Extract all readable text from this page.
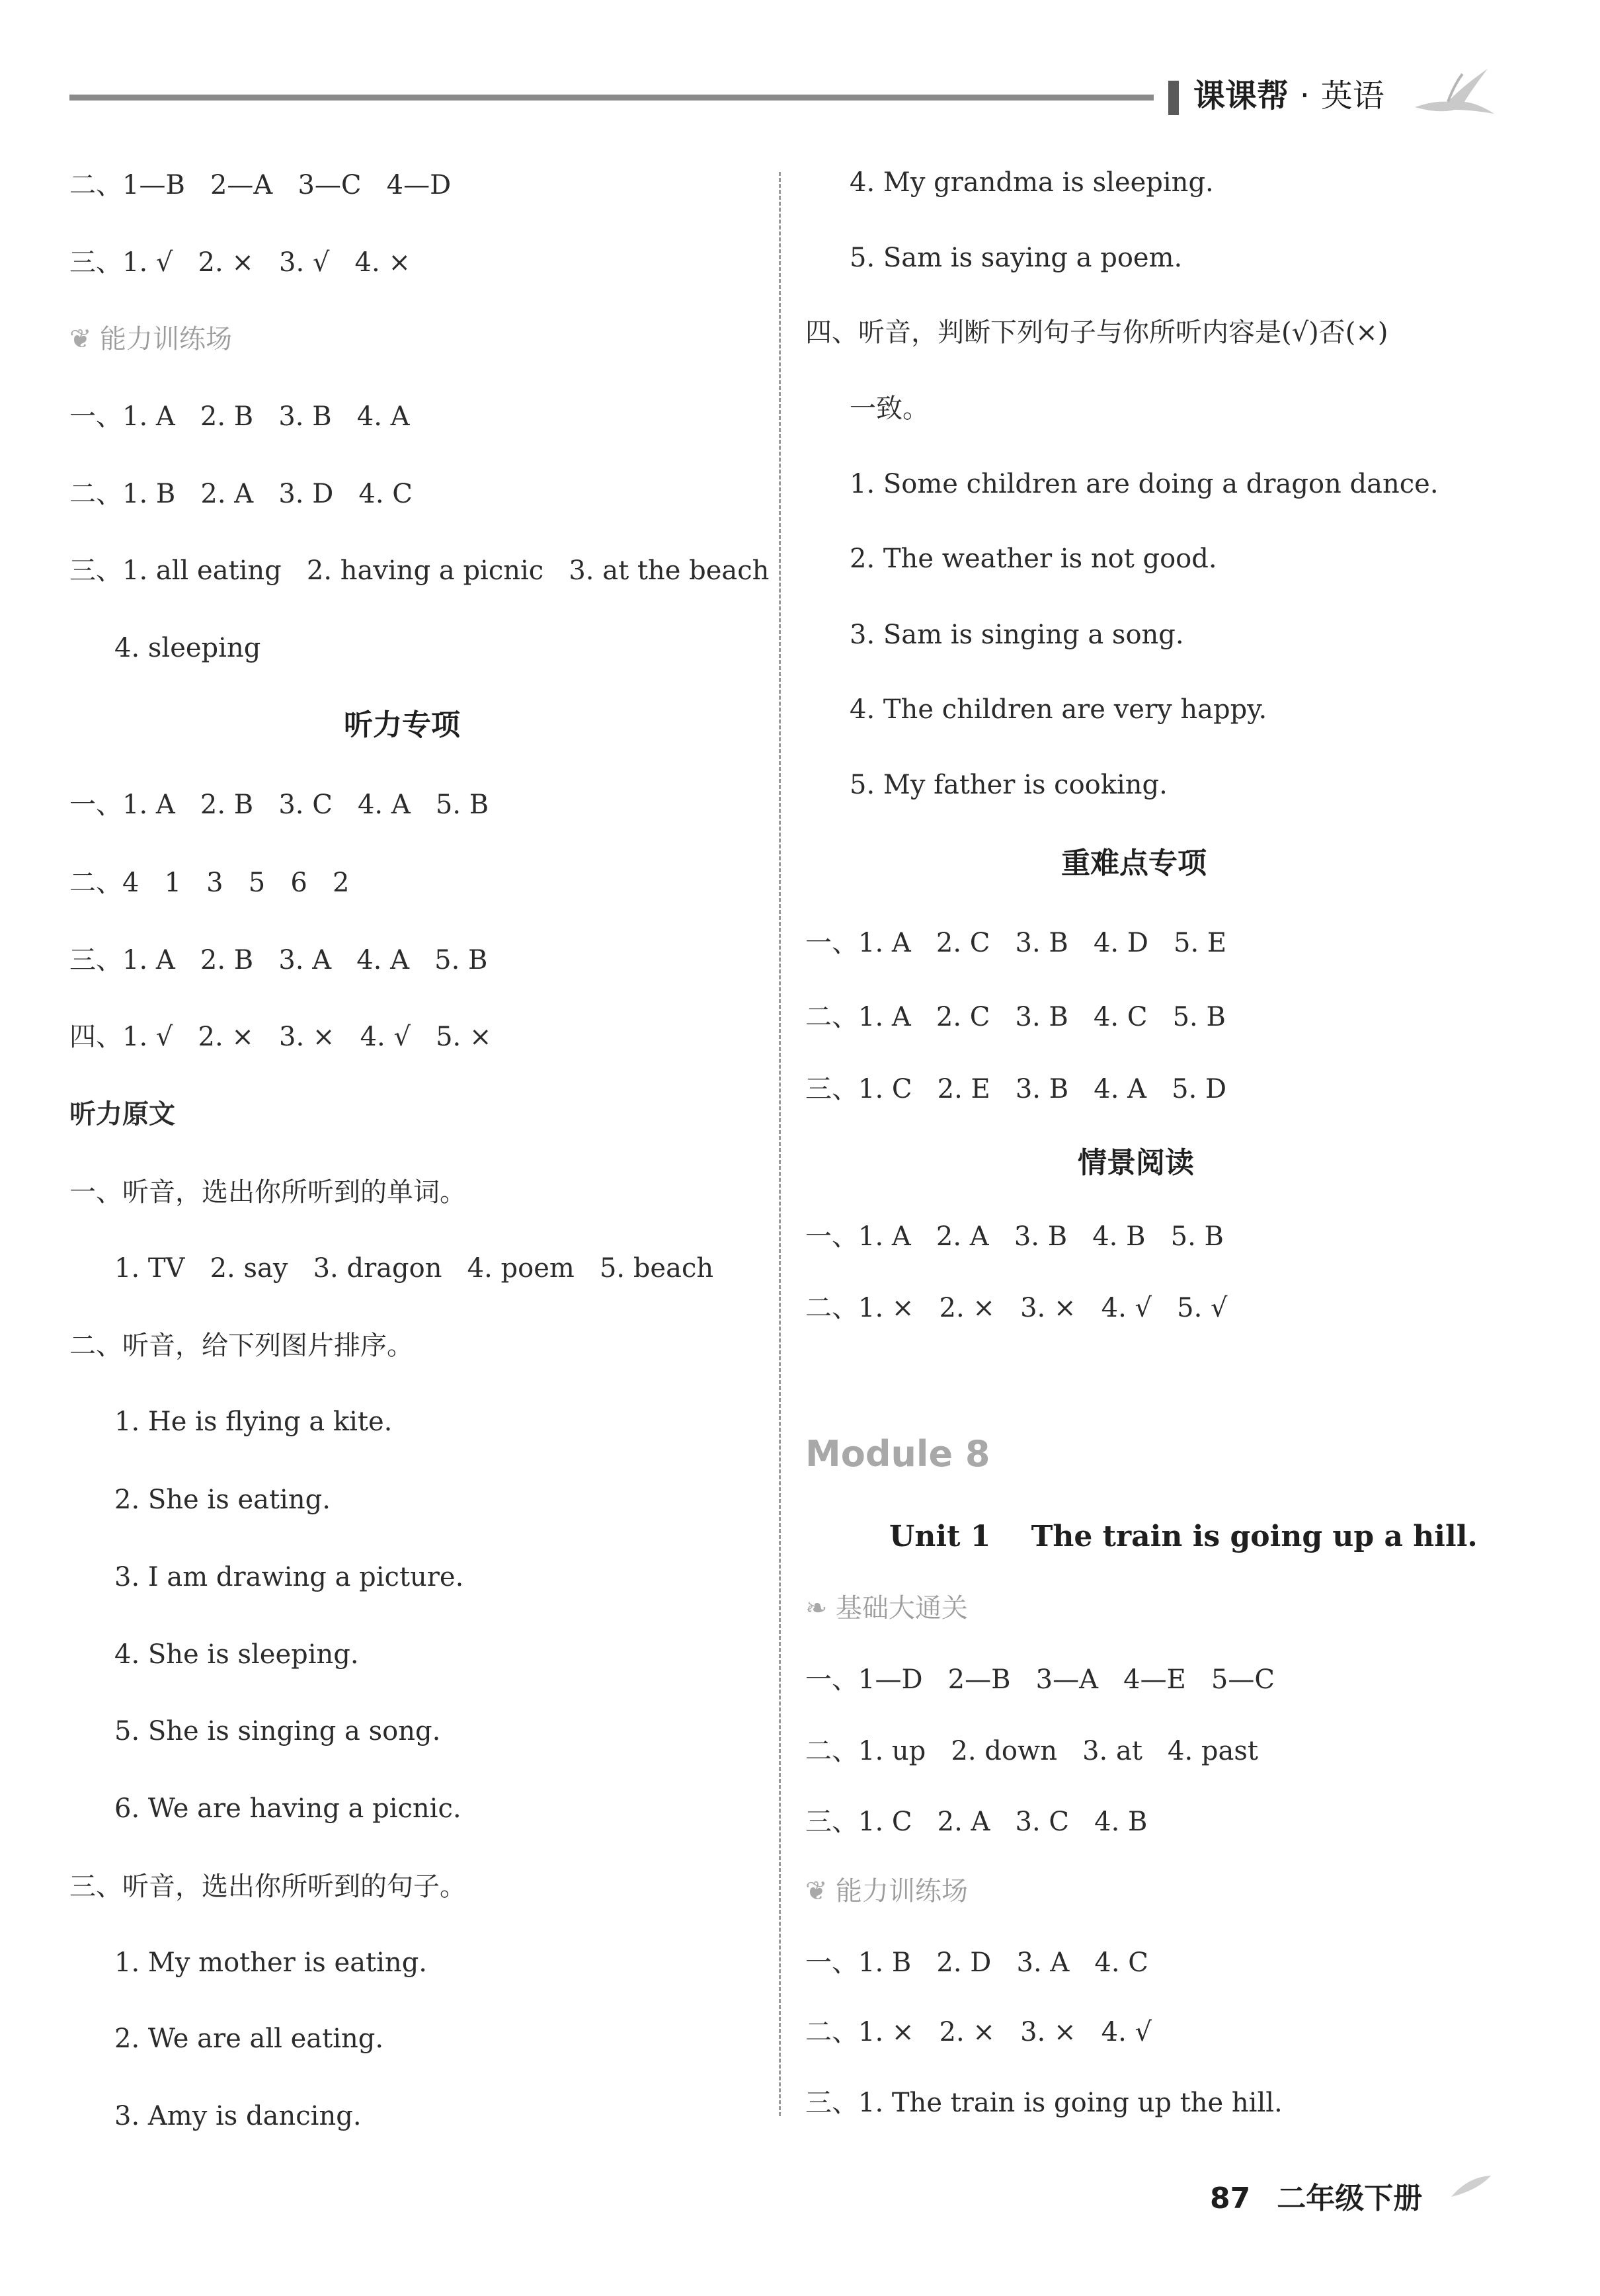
课课帮 · 英语
二、1—B   2—A   3—C   4—D
三、1. √   2. ×   3. √   4. ×
❦ 能力训练场
一、1. A   2. B   3. B   4. A
二、1. B   2. A   3. D   4. C
三、1. all eating   2. having a picnic   3. at the beach
4. sleeping
听力专项
一、1. A   2. B   3. C   4. A   5. B
二、4   1   3   5   6   2
三、1. A   2. B   3. A   4. A   5. B
四、1. √   2. ×   3. ×   4. √   5. ×
听力原文
一、听音，选出你所听到的单词。
1. TV   2. say   3. dragon   4. poem   5. beach
二、听音，给下列图片排序。
1. He is flying a kite.
2. She is eating.
3. I am drawing a picture.
4. She is sleeping.
5. She is singing a song.
6. We are having a picnic.
三、听音，选出你所听到的句子。
1. My mother is eating.
2. We are all eating.
3. Amy is dancing.
4. My grandma is sleeping.
5. Sam is saying a poem.
四、听音，判断下列句子与你所听内容是(√)否(×)
一致。
1. Some children are doing a dragon dance.
2. The weather is not good.
3. Sam is singing a song.
4. The children are very happy.
5. My father is cooking.
重难点专项
一、1. A   2. C   3. B   4. D   5. E
二、1. A   2. C   3. B   4. C   5. B
三、1. C   2. E   3. B   4. A   5. D
情景阅读
一、1. A   2. A   3. B   4. B   5. B
二、1. ×   2. ×   3. ×   4. √   5. √
Module 8
Unit 1    The train is going up a hill.
❧ 基础大通关
一、1—D   2—B   3—A   4—E   5—C
二、1. up   2. down   3. at   4. past
三、1. C   2. A   3. C   4. B
❦ 能力训练场
一、1. B   2. D   3. A   4. C
二、1. ×   2. ×   3. ×   4. √
三、1. The train is going up the hill.
87 二年级下册
